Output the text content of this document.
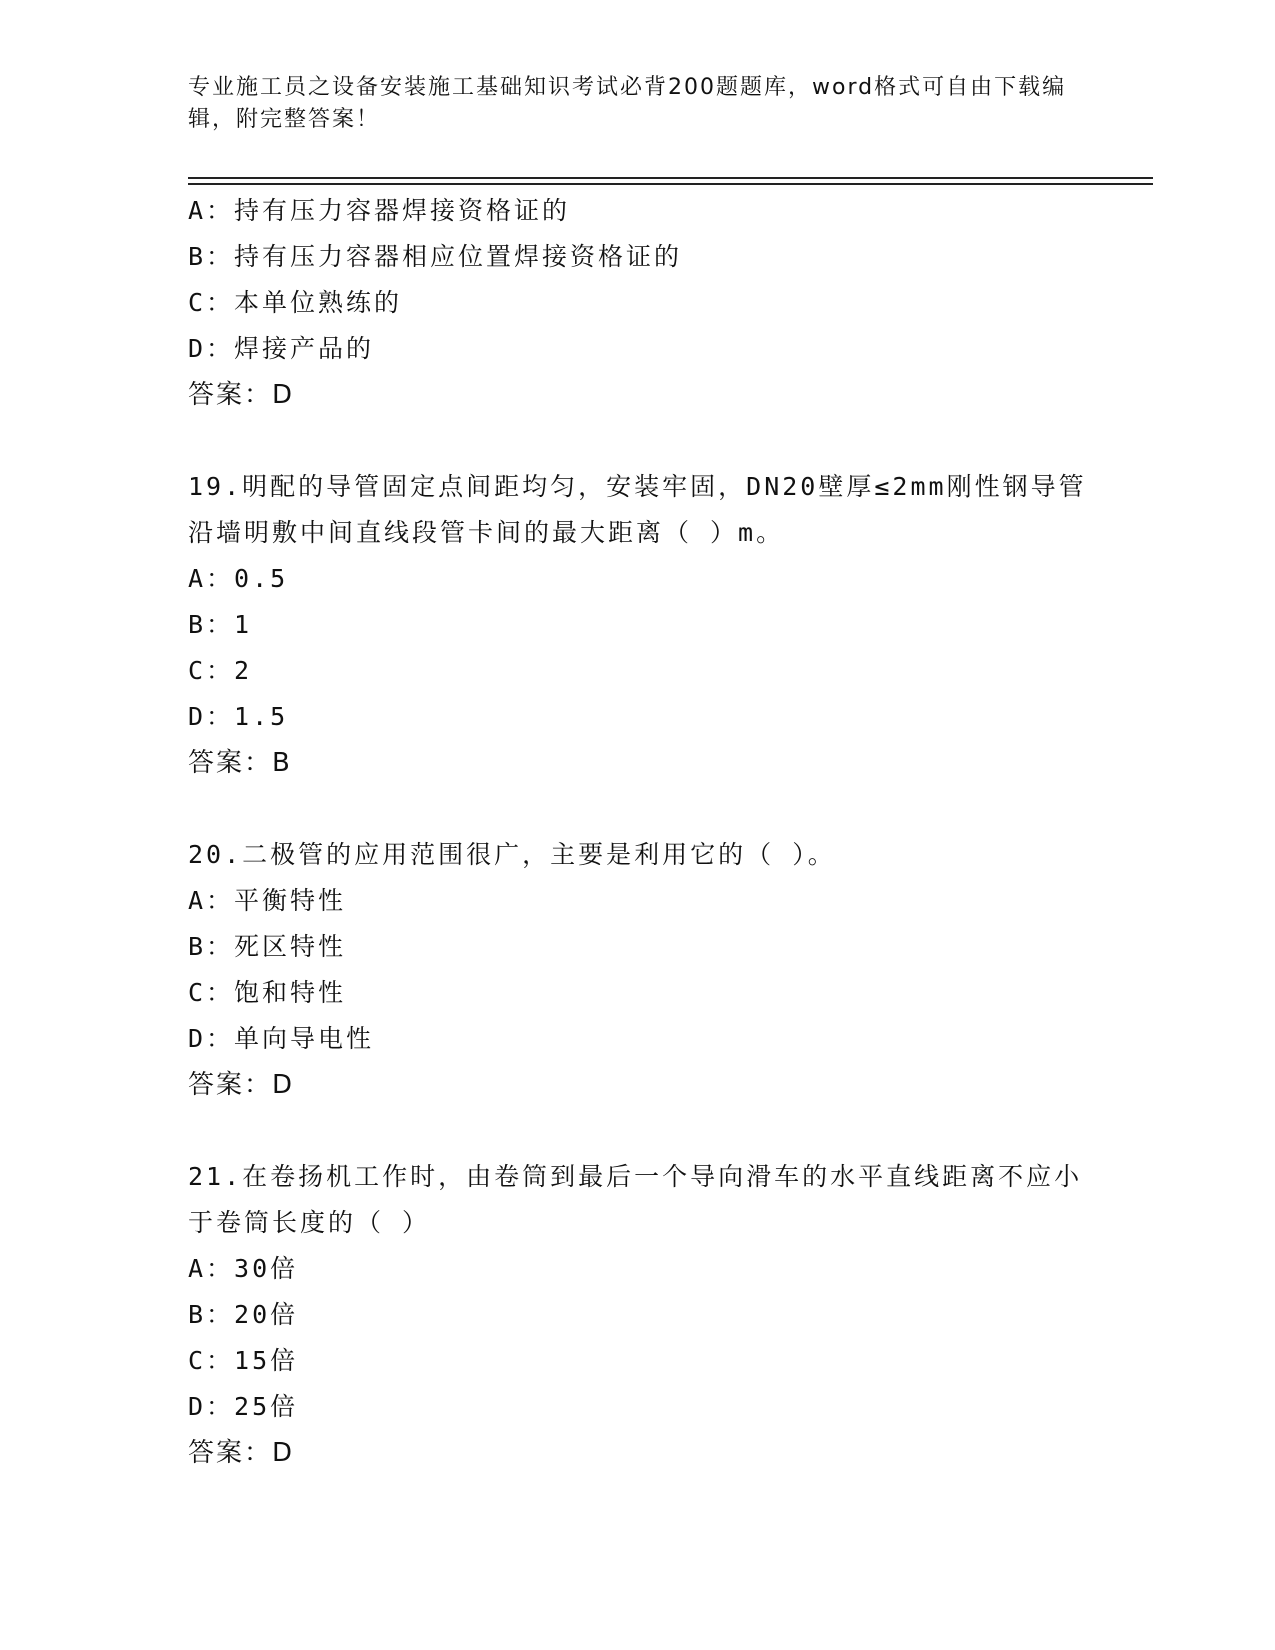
专业施工员之设备安装施工基础知识考试必背200题题库，word格式可自由下载编辑，附完整答案！
A：持有压力容器焊接资格证的
B：持有压力容器相应位置焊接资格证的
C：本单位熟练的
D：焊接产品的
答案：D
19.明配的导管固定点间距均匀，安装牢固，DN20壁厚≤2mm刚性钢导管沿墙明敷中间直线段管卡间的最大距离（ ）m。
A：0.5
B：1
C：2
D：1.5
答案：B
20.二极管的应用范围很广，主要是利用它的（ ）。
A：平衡特性
B：死区特性
C：饱和特性
D：单向导电性
答案：D
21.在卷扬机工作时，由卷筒到最后一个导向滑车的水平直线距离不应小于卷筒长度的（ ）
A：30倍
B：20倍
C：15倍
D：25倍
答案：D
